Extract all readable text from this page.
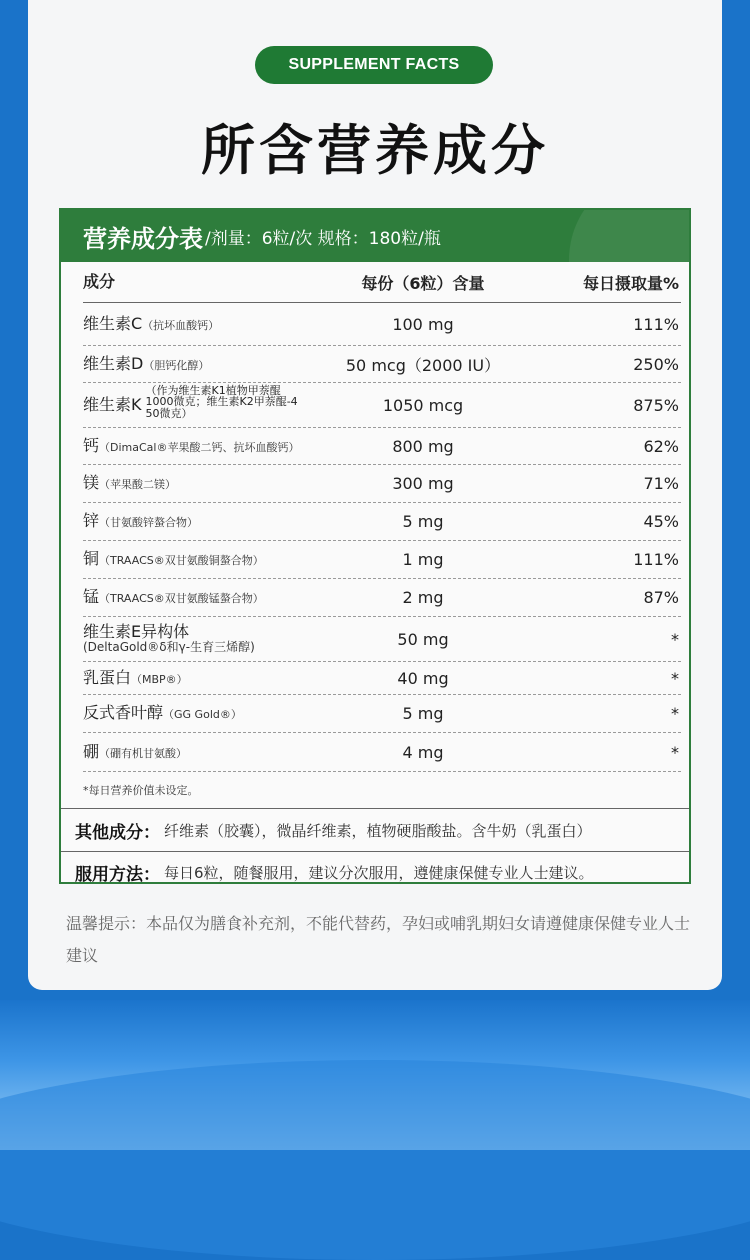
SUPPLEMENT FACTS
所含营养成分
营养成分表 /剂量：6粒/次 规格：180粒/瓶
成分	每份（6粒）含量	每日摄取量%
维生素C（抗坏血酸钙）	100 mg	111%
维生素D（胆钙化醇）	50 mcg（2000 IU）	250%
维生素K
（作为维生素K1植物甲萘醌 1000微克；维生素K2甲萘醌-4 50微克）	1050 mcg	875%
钙（DimaCal®苹果酸二钙、抗坏血酸钙）	800 mg	62%
镁（苹果酸二镁）	300 mg	71%
锌（甘氨酸锌螯合物）	5 mg	45%
铜（TRAACS®双甘氨酸铜螯合物）	1 mg	111%
锰（TRAACS®双甘氨酸锰螯合物）	2 mg	87%
维生素E异构体
(DeltaGold®δ和γ-生育三烯醇)	50 mg	*
乳蛋白（MBP®）	40 mg	*
反式香叶醇（GG Gold®）	5 mg	*
硼（硼有机甘氨酸）	4 mg	*
*每日营养价值未设定。
其他成分： 纤维素（胶囊），微晶纤维素，植物硬脂酸盐。含牛奶（乳蛋白）
服用方法： 每日6粒，随餐服用，建议分次服用，遵健康保健专业人士建议。
温馨提示：本品仅为膳食补充剂，不能代替药，孕妇或哺乳期妇女请遵健康保健专业人士建议
